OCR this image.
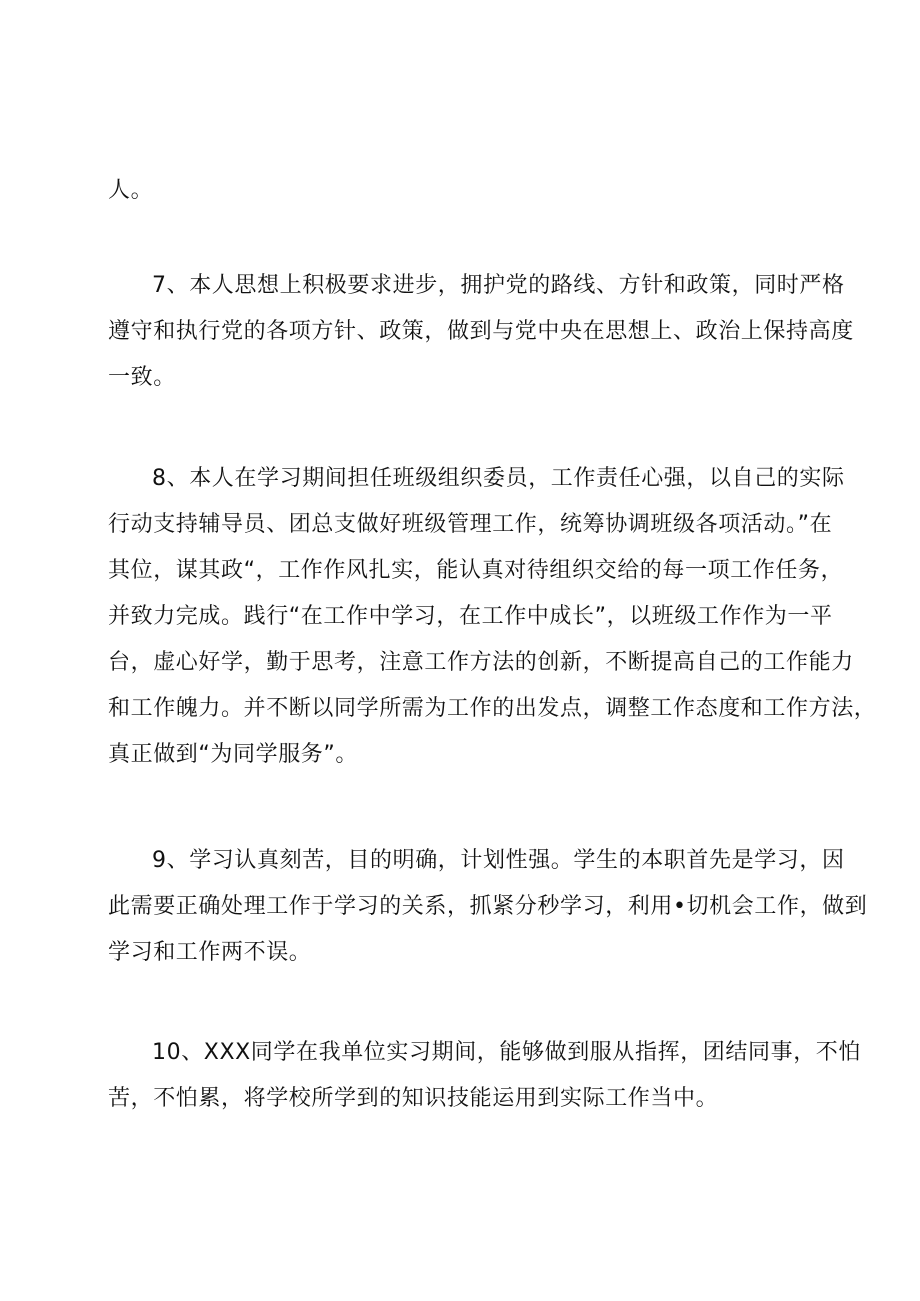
人。
7、本人思想上积极要求进步，拥护党的路线、方针和政策，同时严格
遵守和执行党的各项方针、政策，做到与党中央在思想上、政治上保持高度
一致。
8、本人在学习期间担任班级组织委员，工作责任心强，以自己的实际
行动支持辅导员、团总支做好班级管理工作，统筹协调班级各项活动。”在
其位，谋其政“，工作作风扎实，能认真对待组织交给的每一项工作任务，
并致力完成。践行“在工作中学习，在工作中成长”，以班级工作作为一平
台，虚心好学，勤于思考，注意工作方法的创新，不断提高自己的工作能力
和工作魄力。并不断以同学所需为工作的出发点，调整工作态度和工作方法，
真正做到“为同学服务”。
9、学习认真刻苦，目的明确，计划性强。学生的本职首先是学习，因
此需要正确处理工作于学习的关系，抓紧分秒学习，利用•切机会工作，做到
学习和工作两不误。
10、XXX同学在我单位实习期间，能够做到服从指挥，团结同事，不怕
苦，不怕累，将学校所学到的知识技能运用到实际工作当中。
